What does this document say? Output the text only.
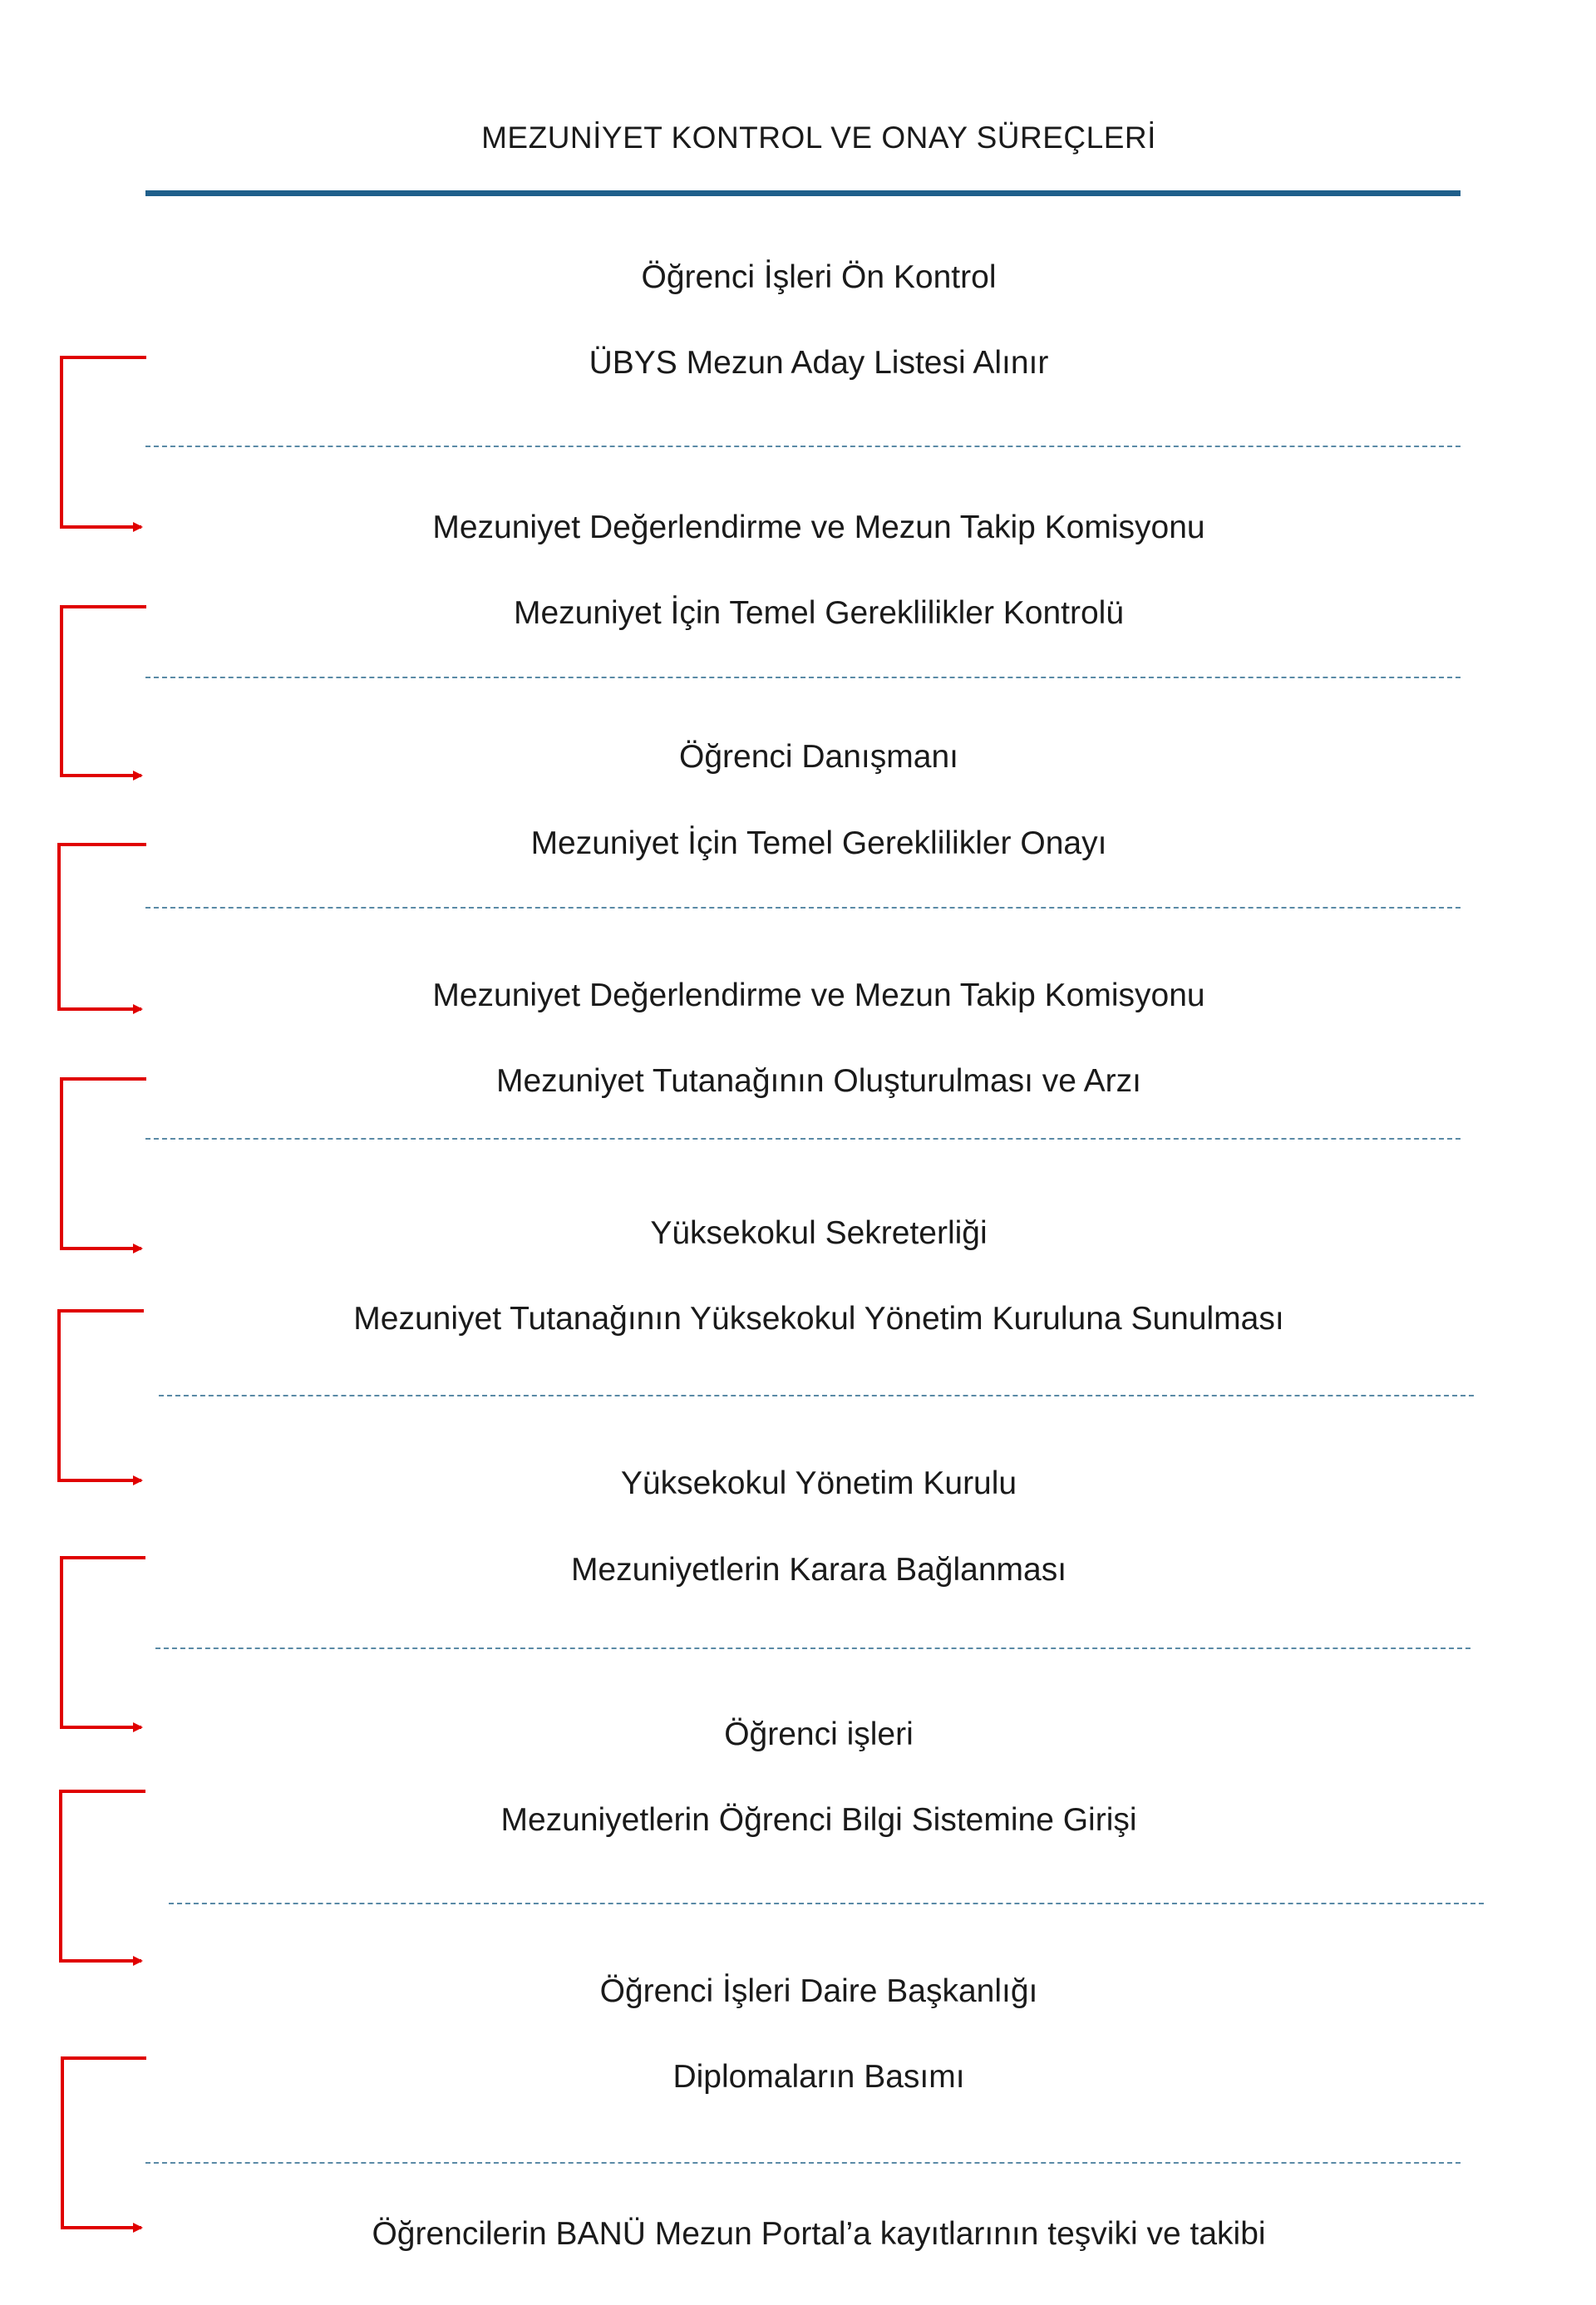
MEZUNİYET KONTROL VE ONAY SÜREÇLERİ
Öğrenci İşleri Ön Kontrol
ÜBYS Mezun Aday Listesi Alınır
Mezuniyet Değerlendirme ve Mezun Takip Komisyonu
Mezuniyet İçin Temel Gereklilikler Kontrolü
Öğrenci Danışmanı
Mezuniyet İçin Temel Gereklilikler Onayı
Mezuniyet Değerlendirme ve Mezun Takip Komisyonu
Mezuniyet Tutanağının Oluşturulması ve Arzı
Yüksekokul Sekreterliği
Mezuniyet Tutanağının Yüksekokul Yönetim Kuruluna Sunulması
Yüksekokul Yönetim Kurulu
Mezuniyetlerin Karara Bağlanması
Öğrenci işleri
Mezuniyetlerin Öğrenci Bilgi Sistemine Girişi
Öğrenci İşleri Daire Başkanlığı
Diplomaların Basımı
Öğrencilerin BANÜ Mezun Portal’a kayıtlarının teşviki ve takibi
